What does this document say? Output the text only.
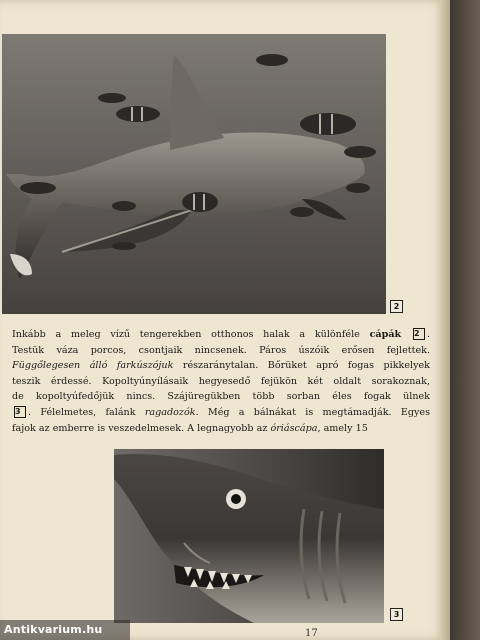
2
Inkább a meleg vízű tengerekben otthonos halak a különféle cápák 2 .
Testük váza porcos, csontjaik nincsenek. Páros úszóik erősen fejlettek.
Függőlegesen álló farkúszójuk részaránytalan. Bőrüket apró fogas pikkelyek
teszik érdessé. Kopoltyúnyílásaik hegyesedő fejükön két oldalt sorakoznak,
de kopoltyúfedőjük nincs. Szájüregükben több sorban éles fogak ülnek
3 . Félelmetes, falánk ragadozók. Még a bálnákat is megtámadják. Egyes
fajok az emberre is veszedelmesek. A legnagyobb az óriáscápa, amely 15
3
17
Antikvarium.hu
